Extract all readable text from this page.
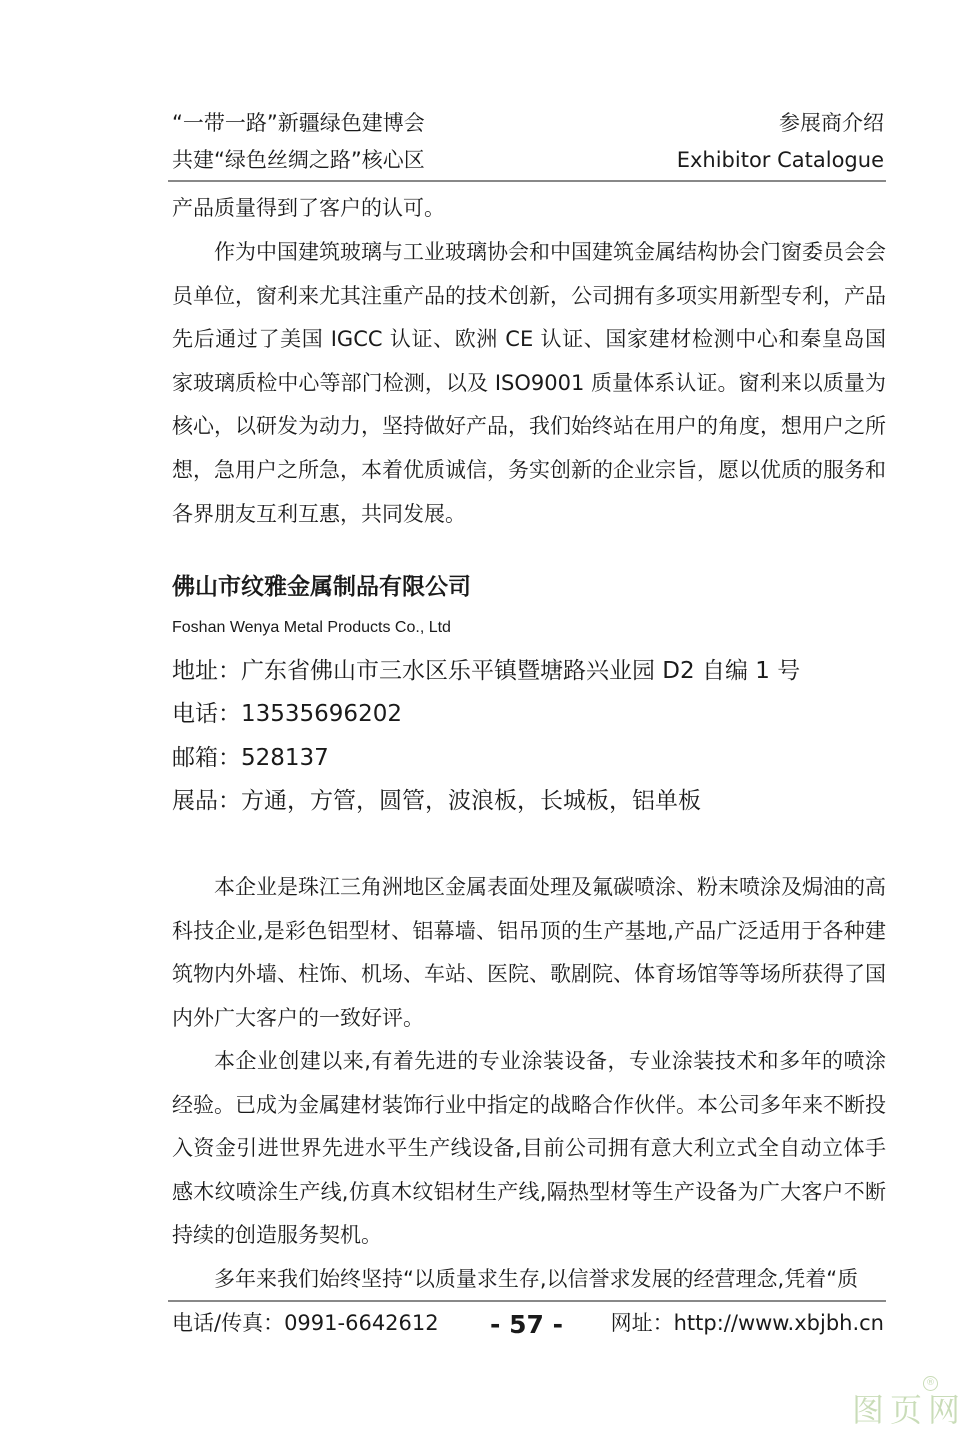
“一带一路”新疆绿色建博会
共建“绿色丝绸之路”核心区
参展商介绍
Exhibitor Catalogue
产品质量得到了客户的认可。
作为中国建筑玻璃与工业玻璃协会和中国建筑金属结构协会门窗委员会会员单位，窗利来尤其注重产品的技术创新，公司拥有多项实用新型专利，产品先后通过了美国 IGCC 认证、欧洲 CE 认证、国家建材检测中心和秦皇岛国家玻璃质检中心等部门检测，以及 ISO9001 质量体系认证。窗利来以质量为核心，以研发为动力，坚持做好产品，我们始终站在用户的角度，想用户之所想，急用户之所急，本着优质诚信，务实创新的企业宗旨，愿以优质的服务和各界朋友互利互惠，共同发展。
佛山市纹雅金属制品有限公司
Foshan Wenya Metal Products Co., Ltd
地址：广东省佛山市三水区乐平镇暨塘路兴业园 D2 自编 1 号
电话：13535696202
邮箱：528137
展品：方通，方管，圆管，波浪板，长城板，铝单板
本企业是珠江三角洲地区金属表面处理及氟碳喷涂、粉末喷涂及焗油的高科技企业,是彩色铝型材、铝幕墙、铝吊顶的生产基地,产品广泛适用于各种建筑物内外墙、柱饰、机场、车站、医院、歌剧院、体育场馆等等场所获得了国内外广大客户的一致好评。
本企业创建以来,有着先进的专业涂装设备，专业涂装技术和多年的喷涂经验。已成为金属建材装饰行业中指定的战略合作伙伴。本公司多年来不断投入资金引进世界先进水平生产线设备,目前公司拥有意大利立式全自动立体手感木纹喷涂生产线,仿真木纹铝材生产线,隔热型材等生产设备为广大客户不断持续的创造服务契机。
多年来我们始终坚持“以质量求生存,以信誉求发展的经营理念,凭着“质
电话/传真：0991-6642612 - 57 - 网址：http://www.xbjbh.cn
®
图页网
